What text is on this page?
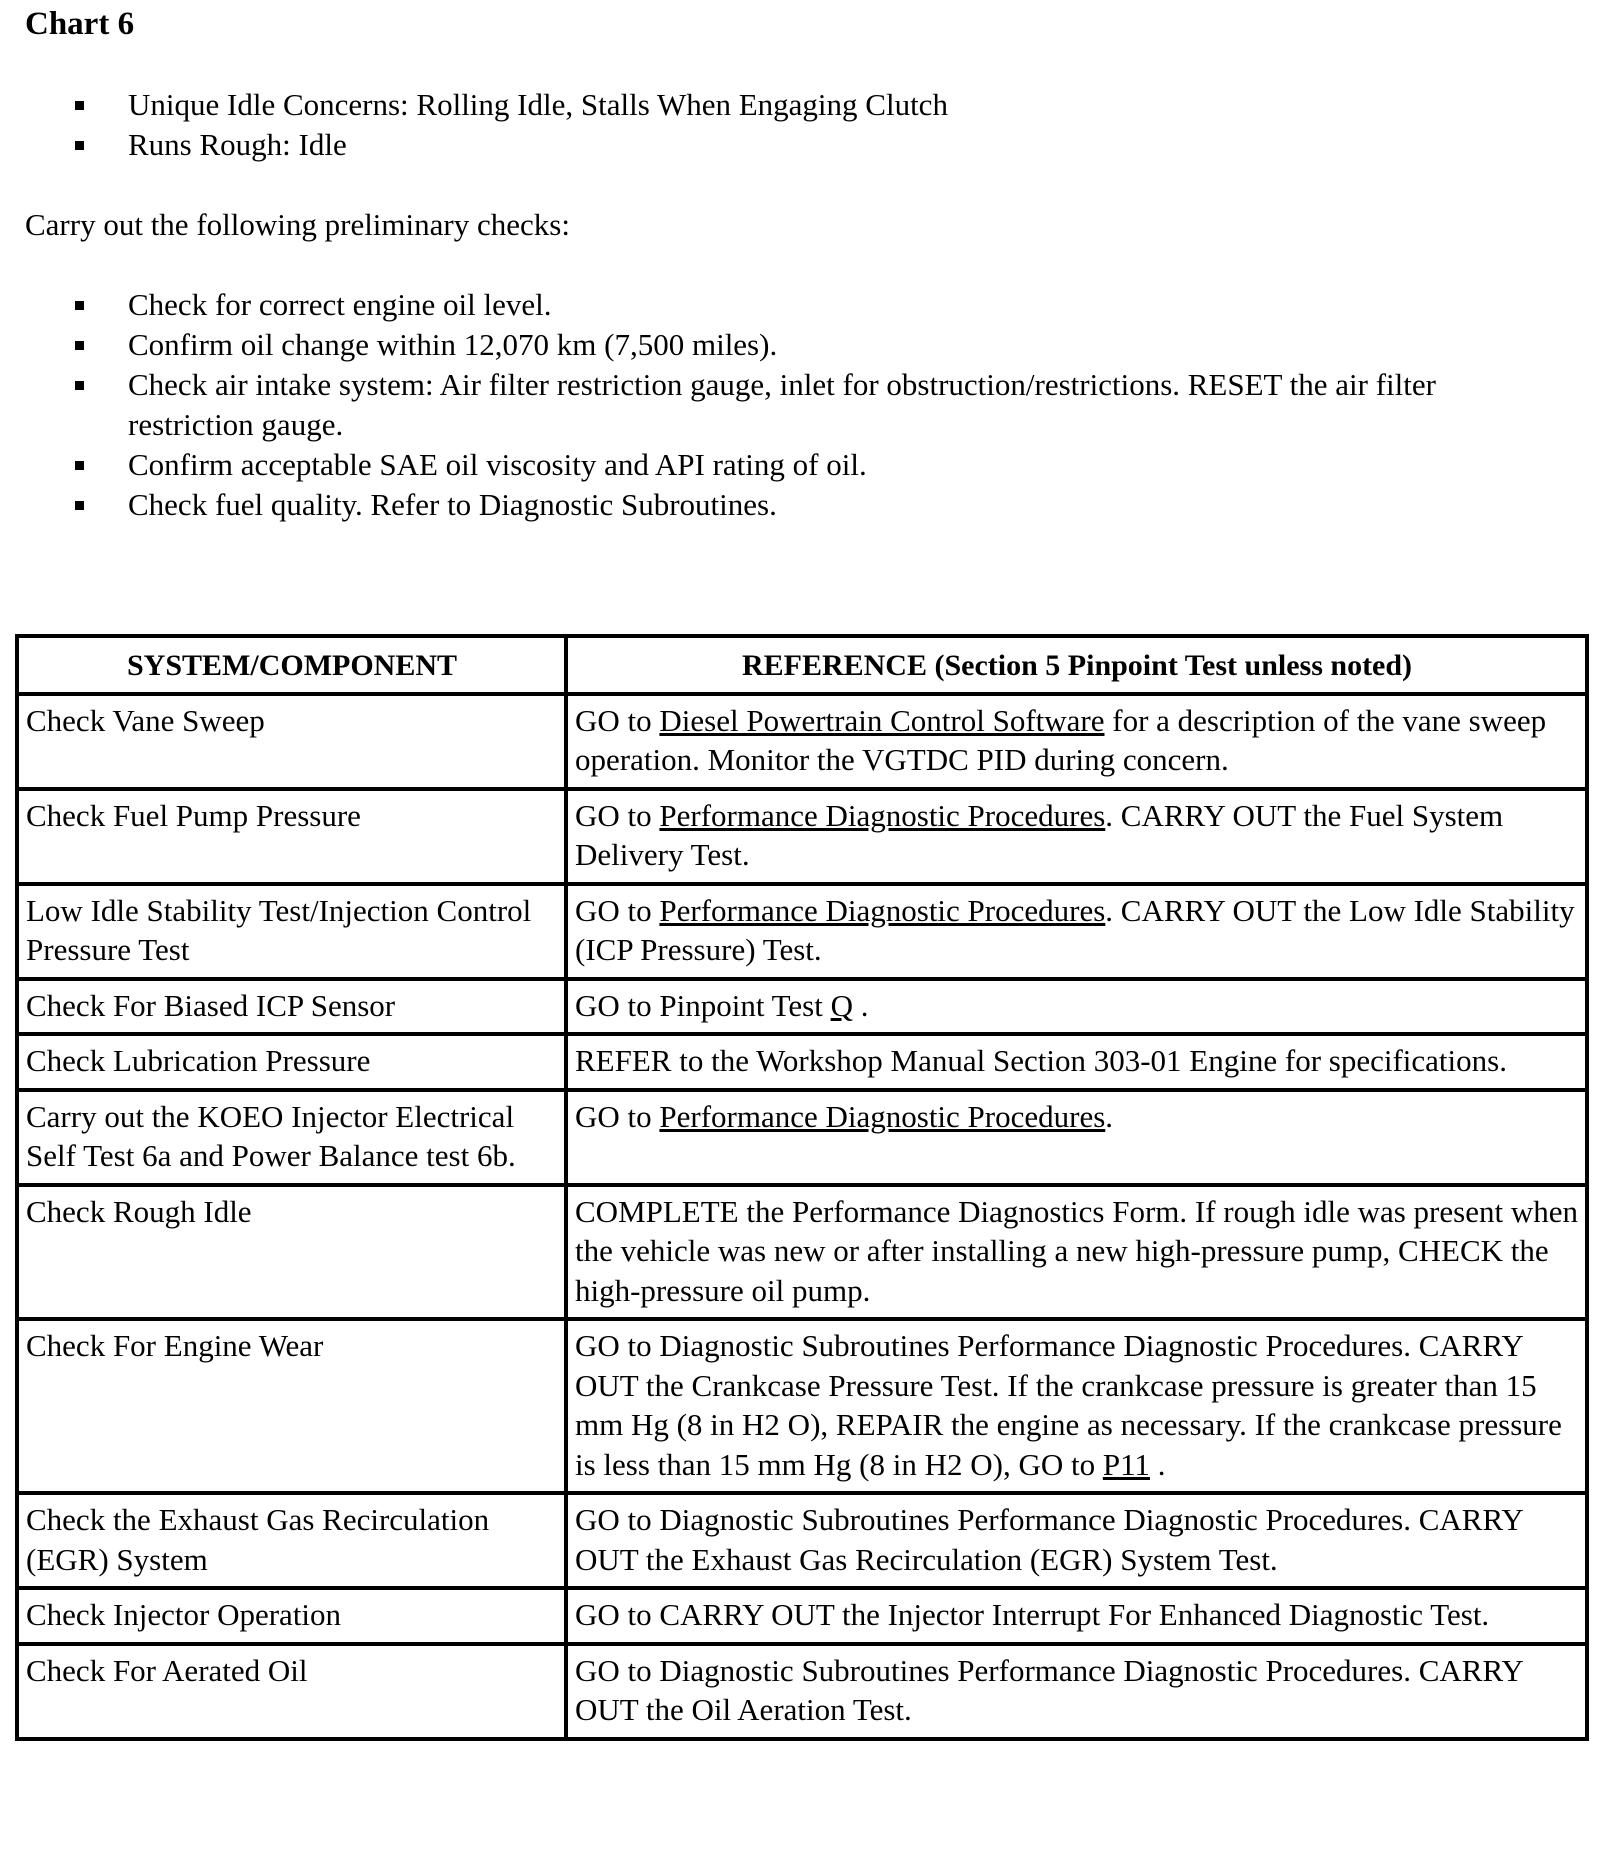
Chart 6
Unique Idle Concerns: Rolling Idle, Stalls When Engaging Clutch
Runs Rough: Idle

Carry out the following preliminary checks:

Check for correct engine oil level.
Confirm oil change within 12,070 km (7,500 miles).
Check air intake system: Air filter restriction gauge, inlet for obstruction/restrictions. RESET the air filter restriction gauge.
Confirm acceptable SAE oil viscosity and API rating of oil.
Check fuel quality. Refer to Diagnostic Subroutines.
SYSTEM/COMPONENT	REFERENCE (Section 5 Pinpoint Test unless noted)
Check Vane Sweep	GO to Diesel Powertrain Control Software for a description of the vane sweep operation. Monitor the VGTDC PID during concern.
Check Fuel Pump Pressure	GO to Performance Diagnostic Procedures. CARRY OUT the Fuel System Delivery Test.
Low Idle Stability Test/Injection Control Pressure Test	GO to Performance Diagnostic Procedures. CARRY OUT the Low Idle Stability (ICP Pressure) Test.
Check For Biased ICP Sensor	GO to Pinpoint Test Q .
Check Lubrication Pressure	REFER to the Workshop Manual Section 303-01 Engine for specifications.
Carry out the KOEO Injector Electrical Self Test 6a and Power Balance test 6b.	GO to Performance Diagnostic Procedures.
Check Rough Idle	COMPLETE the Performance Diagnostics Form. If rough idle was present when the vehicle was new or after installing a new high-pressure pump, CHECK the high-pressure oil pump.
Check For Engine Wear	GO to Diagnostic Subroutines Performance Diagnostic Procedures. CARRY OUT the Crankcase Pressure Test. If the crankcase pressure is greater than 15 mm Hg (8 in H2 O), REPAIR the engine as necessary. If the crankcase pressure is less than 15 mm Hg (8 in H2 O), GO to P11 .
Check the Exhaust Gas Recirculation (EGR) System	GO to Diagnostic Subroutines Performance Diagnostic Procedures. CARRY OUT the Exhaust Gas Recirculation (EGR) System Test.
Check Injector Operation	GO to CARRY OUT the Injector Interrupt For Enhanced Diagnostic Test.
Check For Aerated Oil	GO to Diagnostic Subroutines Performance Diagnostic Procedures. CARRY OUT the Oil Aeration Test.
